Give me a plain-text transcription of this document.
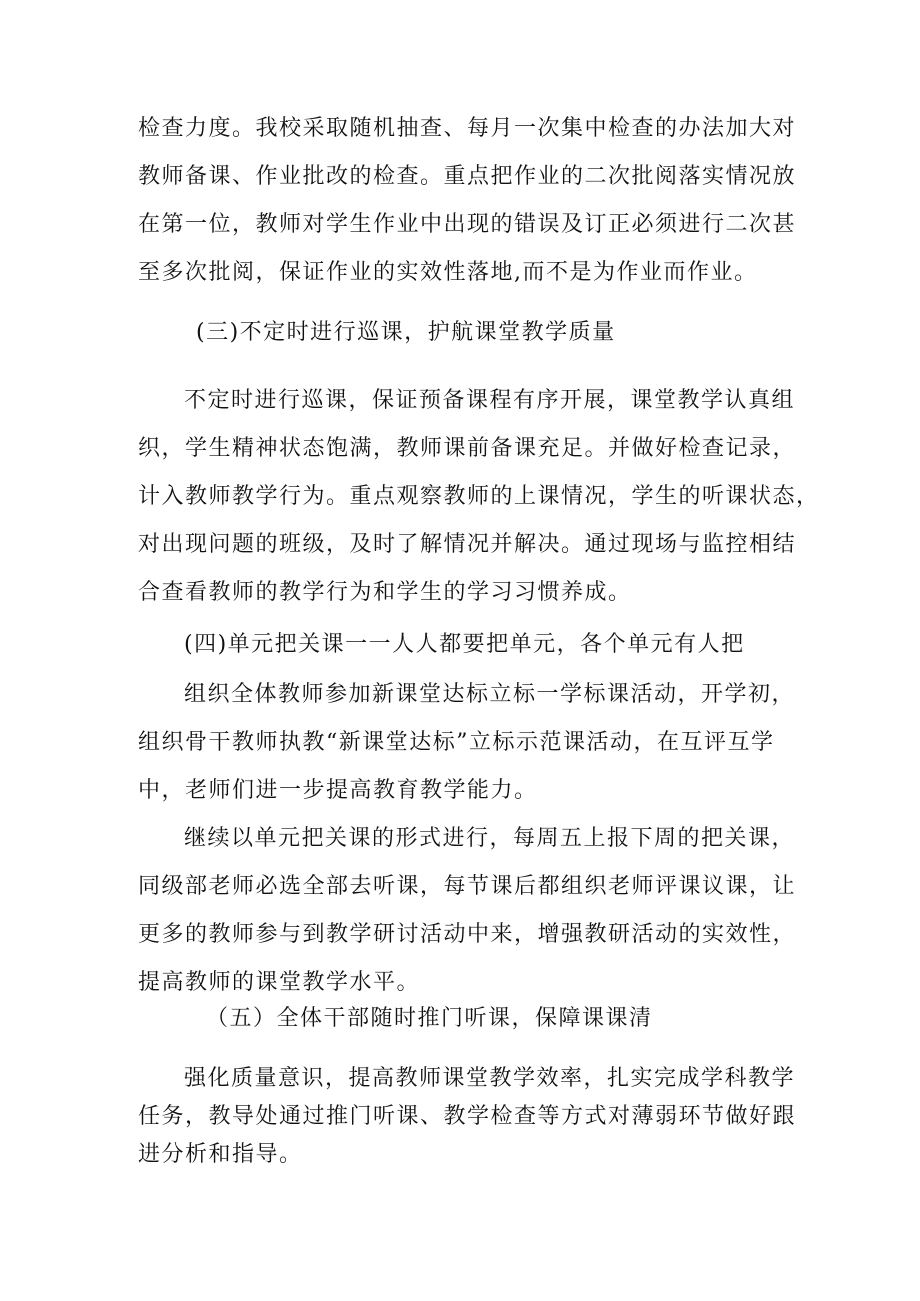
检查力度。我校采取随机抽查、每月一次集中检查的办法加大对

教师备课、作业批改的检查。重点把作业的二次批阅落实情况放

在第一位，教师对学生作业中出现的错误及订正必须进行二次甚

至多次批阅，保证作业的实效性落地,而不是为作业而作业。

(三)不定时进行巡课，护航课堂教学质量

不定时进行巡课，保证预备课程有序开展，课堂教学认真组

织，学生精神状态饱满，教师课前备课充足。并做好检查记录，

计入教师教学行为。重点观察教师的上课情况，学生的听课状态，

对出现问题的班级，及时了解情况并解决。通过现场与监控相结

合查看教师的教学行为和学生的学习习惯养成。

(四)单元把关课一一人人都要把单元，各个单元有人把

组织全体教师参加新课堂达标立标一学标课活动，开学初，

组织骨干教师执教“新课堂达标”立标示范课活动，在互评互学

中，老师们进一步提高教育教学能力。

继续以单元把关课的形式进行，每周五上报下周的把关课，

同级部老师必选全部去听课，每节课后都组织老师评课议课，让

更多的教师参与到教学研讨活动中来，增强教研活动的实效性，

提高教师的课堂教学水平。

（五）全体干部随时推门听课，保障课课清

强化质量意识，提高教师课堂教学效率，扎实完成学科教学

任务，教导处通过推门听课、教学检查等方式对薄弱环节做好跟

进分析和指导。
